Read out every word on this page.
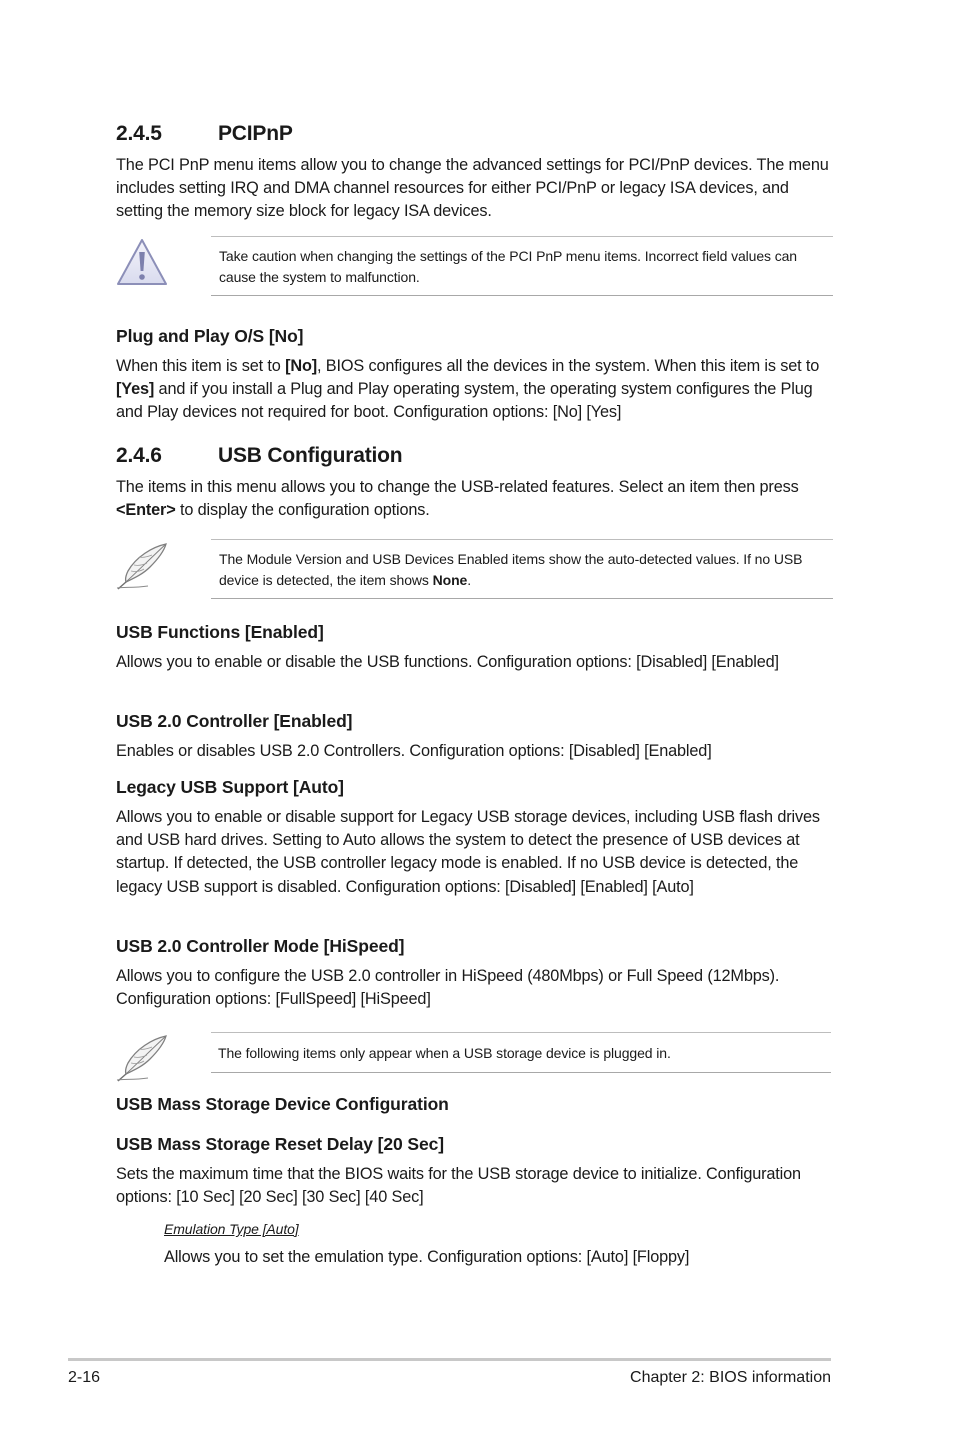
2.4.5	PCIPnP
The PCI PnP menu items allow you to change the advanced settings for PCI/PnP devices. The menu includes setting IRQ and DMA channel resources for either PCI/PnP or legacy ISA devices, and setting the memory size block for legacy ISA devices.
Take caution when changing the settings of the PCI PnP menu items. Incorrect field values can cause the system to malfunction.
Plug and Play O/S [No]
When this item is set to [No], BIOS configures all the devices in the system. When this item is set to [Yes] and if you install a Plug and Play operating system, the operating system configures the Plug and Play devices not required for boot. Configuration options: [No] [Yes]
2.4.6	USB Configuration
The items in this menu allows you to change the USB-related features. Select an item then press <Enter> to display the configuration options.
The Module Version and USB Devices Enabled items show the auto-detected values. If no USB device is detected, the item shows None.
USB Functions [Enabled]
Allows you to enable or disable the USB functions. Configuration options: [Disabled] [Enabled]
USB 2.0 Controller [Enabled]
Enables or disables USB 2.0 Controllers. Configuration options: [Disabled] [Enabled]
Legacy USB Support [Auto]
Allows you to enable or disable support for Legacy USB storage devices, including USB flash drives and USB hard drives. Setting to Auto allows the system to detect the presence of USB devices at startup. If detected, the USB controller legacy mode is enabled. If no USB device is detected, the legacy USB support is disabled. Configuration options: [Disabled] [Enabled] [Auto]
USB 2.0 Controller Mode [HiSpeed]
Allows you to configure the USB 2.0 controller in HiSpeed (480Mbps) or Full Speed (12Mbps). Configuration options: [FullSpeed] [HiSpeed]
The following items only appear when a USB storage device is plugged in.
USB Mass Storage Device Configuration
USB Mass Storage Reset Delay [20 Sec]
Sets the maximum time that the BIOS waits for the USB storage device to initialize. Configuration options: [10 Sec] [20 Sec] [30 Sec] [40 Sec]
Emulation Type [Auto]
Allows you to set the emulation type. Configuration options: [Auto] [Floppy]
2-16	Chapter 2: BIOS information
